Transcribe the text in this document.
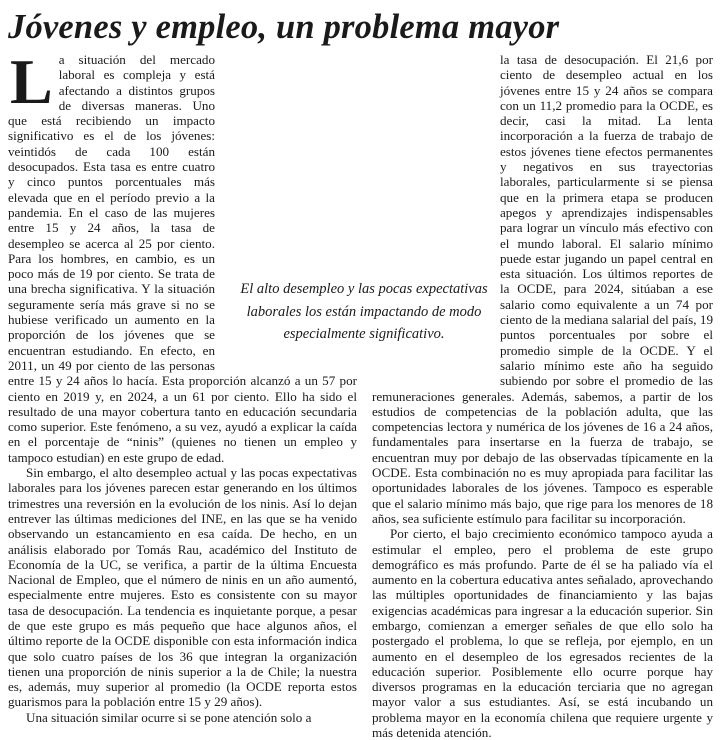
Jóvenes y empleo, un problema mayor

La situación del mercado laboral es compleja y está afectando a distintos grupos de diversas maneras. Uno que está recibiendo un impacto significativo es el de los jóvenes: veintidós de cada 100 están desocupados. Esta tasa es entre cuatro y cinco puntos porcentuales más elevada que en el período previo a la pandemia. En el caso de las mujeres entre 15 y 24 años, la tasa de desempleo se acerca al 25 por ciento. Para los hombres, en cambio, es un poco más de 19 por ciento. Se trata de una brecha significativa. Y la situación seguramente sería más grave si no se hubiese verificado un aumento en la proporción de los jóvenes que se encuentran estudiando. En efecto, en 2011, un 49 por ciento de las personas entre 15 y 24 años lo hacía. Esta proporción alcanzó a un 57 por ciento en 2019 y, en 2024, a un 61 por ciento. Ello ha sido el resultado de una mayor cobertura tanto en educación secundaria como superior. Este fenómeno, a su vez, ayudó a explicar la caída en el porcentaje de “ninis” (quienes no tienen un empleo y tampoco estudian) en este grupo de edad.

Sin embargo, el alto desempleo actual y las pocas expectativas laborales para los jóvenes parecen estar generando en los últimos trimestres una reversión en la evolución de los ninis. Así lo dejan entrever las últimas mediciones del INE, en las que se ha venido observando un estancamiento en esa caída. De hecho, en un análisis elaborado por Tomás Rau, académico del Instituto de Economía de la UC, se verifica, a partir de la última Encuesta Nacional de Empleo, que el número de ninis en un año aumentó, especialmente entre mujeres. Esto es consistente con su mayor tasa de desocupación. La tendencia es inquietante porque, a pesar de que este grupo es más pequeño que hace algunos años, el último reporte de la OCDE disponible con esta información indica que solo cuatro países de los 36 que integran la organización tienen una proporción de ninis superior a la de Chile; la nuestra es, además, muy superior al promedio (la OCDE reporta estos guarismos para la población entre 15 y 29 años).

Una situación similar ocurre si se pone atención solo a

la tasa de desocupación. El 21,6 por ciento de desempleo actual en los jóvenes entre 15 y 24 años se compara con un 11,2 promedio para la OCDE, es decir, casi la mitad. La lenta incorporación a la fuerza de trabajo de estos jóvenes tiene efectos permanentes y negativos en sus trayectorias laborales, particularmente si se piensa que en la primera etapa se producen apegos y aprendizajes indispensables para lograr un vínculo más efectivo con el mundo laboral. El salario mínimo puede estar jugando un papel central en esta situación. Los últimos reportes de la OCDE, para 2024, sitúaban a ese salario como equivalente a un 74 por ciento de la mediana salarial del país, 19 puntos porcentuales por sobre el promedio simple de la OCDE. Y el salario mínimo este año ha seguido subiendo por sobre el promedio de las remuneraciones generales. Además, sabemos, a partir de los estudios de competencias de la población adulta, que las competencias lectora y numérica de los jóvenes de 16 a 24 años, fundamentales para insertarse en la fuerza de trabajo, se encuentran muy por debajo de las observadas típicamente en la OCDE. Esta combinación no es muy apropiada para facilitar las oportunidades laborales de los jóvenes. Tampoco es esperable que el salario mínimo más bajo, que rige para los menores de 18 años, sea suficiente estímulo para facilitar su incorporación.

Por cierto, el bajo crecimiento económico tampoco ayuda a estimular el empleo, pero el problema de este grupo demográfico es más profundo. Parte de él se ha paliado vía el aumento en la cobertura educativa antes señalado, aprovechando las múltiples oportunidades de financiamiento y las bajas exigencias académicas para ingresar a la educación superior. Sin embargo, comienzan a emerger señales de que ello solo ha postergado el problema, lo que se refleja, por ejemplo, en un aumento en el desempleo de los egresados recientes de la educación superior. Posiblemente ello ocurre porque hay diversos programas en la educación terciaria que no agregan mayor valor a sus estudiantes. Así, se está incubando un problema mayor en la economía chilena que requiere urgente y más detenida atención.

El alto desempleo y las pocas expectativas laborales los están impactando de modo especialmente significativo.
